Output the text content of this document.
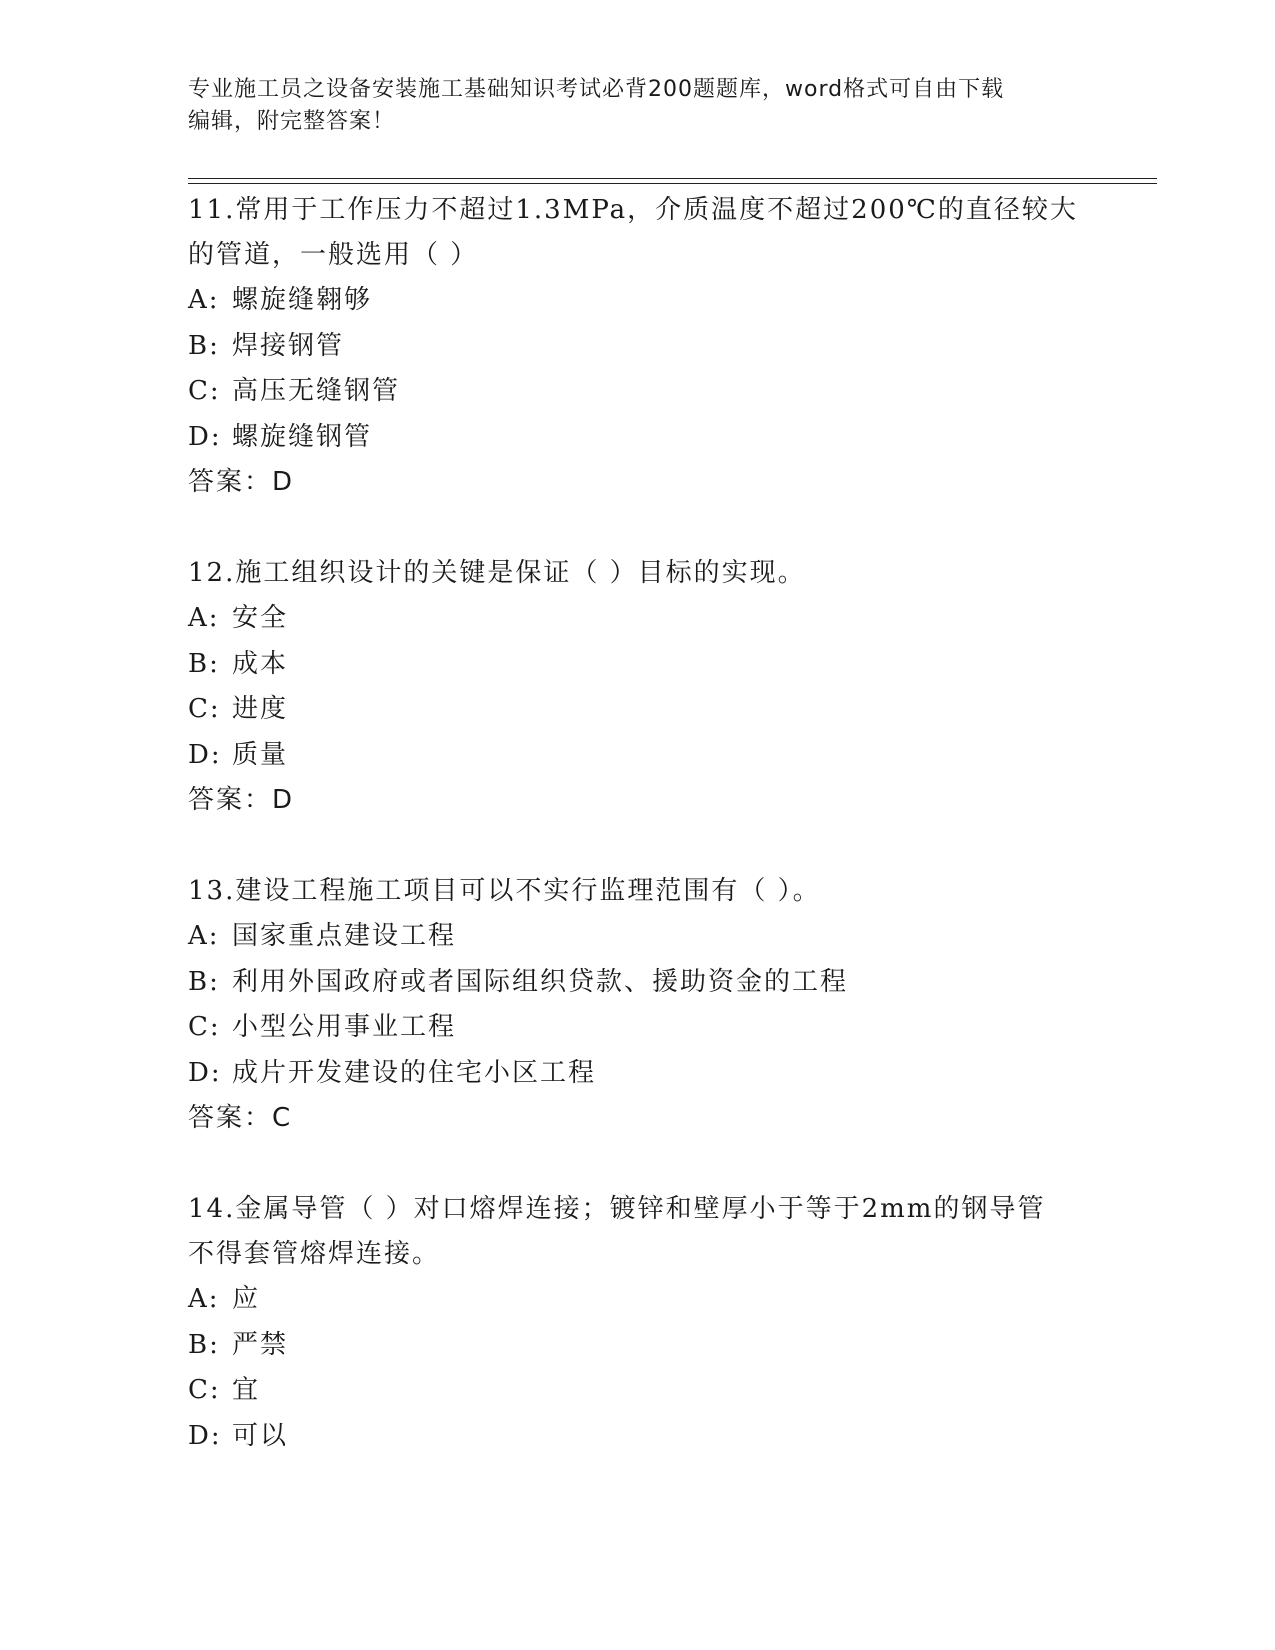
专业施工员之设备安装施工基础知识考试必背200题题库，word格式可自由下载
编辑，附完整答案！
11.常用于工作压力不超过1.3MPa，介质温度不超过200℃的直径较大
的管道，一般选用（ ）
A: 螺旋缝翱够
B: 焊接钢管
C: 高压无缝钢管
D: 螺旋缝钢管
答案：D
12.施工组织设计的关键是保证（ ）目标的实现。
A: 安全
B: 成本
C: 进度
D: 质量
答案：D
13.建设工程施工项目可以不实行监理范围有（ ）。
A: 国家重点建设工程
B: 利用外国政府或者国际组织贷款、援助资金的工程
C: 小型公用事业工程
D: 成片开发建设的住宅小区工程
答案：C
14.金属导管（ ）对口熔焊连接；镀锌和壁厚小于等于2mm的钢导管
不得套管熔焊连接。
A: 应
B: 严禁
C: 宜
D: 可以
